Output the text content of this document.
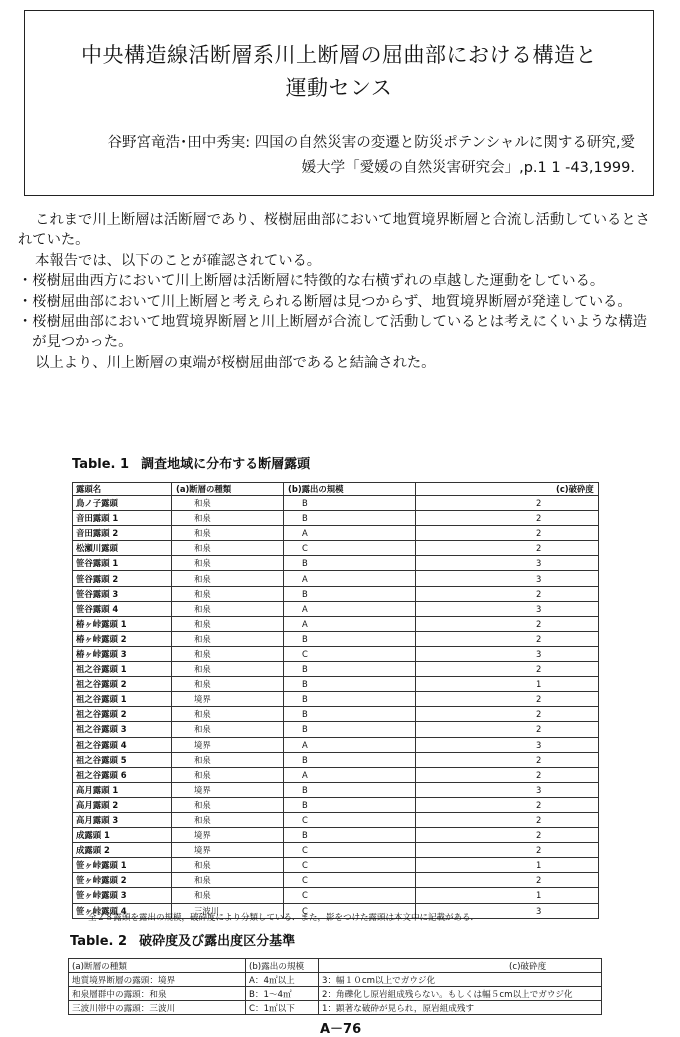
中央構造線活断層系川上断層の屈曲部における構造と
運動センス
谷野宮竜浩･田中秀実: 四国の自然災害の変遷と防災ポテンシャルに関する研究,愛
媛大学「愛媛の自然災害研究会」,p.1 1 -43,1999.

これまで川上断層は活断層であり、桜樹屈曲部において地質境界断層と合流し活動しているとされていた。

本報告では、以下のことが確認されている。

・桜樹屈曲西方において川上断層は活断層に特徴的な右横ずれの卓越した運動をしている。

・桜樹屈曲部において川上断層と考えられる断層は見つからず、地質境界断層が発達している。

・桜樹屈曲部において地質境界断層と川上断層が合流して活動しているとは考えにくいような構造が見つかった。

以上より、川上断層の東端が桜樹屈曲部であると結論された。

Table. 1 調査地域に分布する断層露頭
露頭名	(a)断層の種類	(b)露出の規模	(c)破砕度
鳥ノ子露頭	和泉	B	2
音田露頭 1	和泉	B	2
音田露頭 2	和泉	A	2
松瀬川露頭	和泉	C	2
笹谷露頭 1	和泉	B	3
笹谷露頭 2	和泉	A	3
笹谷露頭 3	和泉	B	2
笹谷露頭 4	和泉	A	3
椿ヶ峠露頭 1	和泉	A	2
椿ヶ峠露頭 2	和泉	B	2
椿ヶ峠露頭 3	和泉	C	3
祖之谷露頭 1	和泉	B	2
祖之谷露頭 2	和泉	B	1
祖之谷露頭 1	境界	B	2
祖之谷露頭 2	和泉	B	2
祖之谷露頭 3	和泉	B	2
祖之谷露頭 4	境界	A	3
祖之谷露頭 5	和泉	B	2
祖之谷露頭 6	和泉	A	2
高月露頭 1	境界	B	3
高月露頭 2	和泉	B	2
高月露頭 3	和泉	C	2
成露頭 1	境界	B	2
成露頭 2	境界	C	2
笹ヶ峠露頭 1	和泉	C	1
笹ヶ峠露頭 2	和泉	C	2
笹ヶ峠露頭 3	和泉	C	1
笹ヶ峠露頭 4	三波川	C	3
全２８露頭を露出の規模，破砕度により分類している．また，影をつけた露頭は本文中に記載がある．
Table. 2 破砕度及び露出度区分基準
(a)断層の種類	(b)露出の規模	(c)破砕度
地質境界断層の露頭：境界	A：4㎡以上	3：幅１０cm以上でガウジ化
和泉層群中の露頭：和泉	B：1～4㎡	2：角礫化し原岩組成残らない。もしくは幅５cm以上でガウジ化
三波川帯中の露頭：三波川	C：1㎡以下	1：顕著な破砕が見られ，原岩組成残す
A－76
